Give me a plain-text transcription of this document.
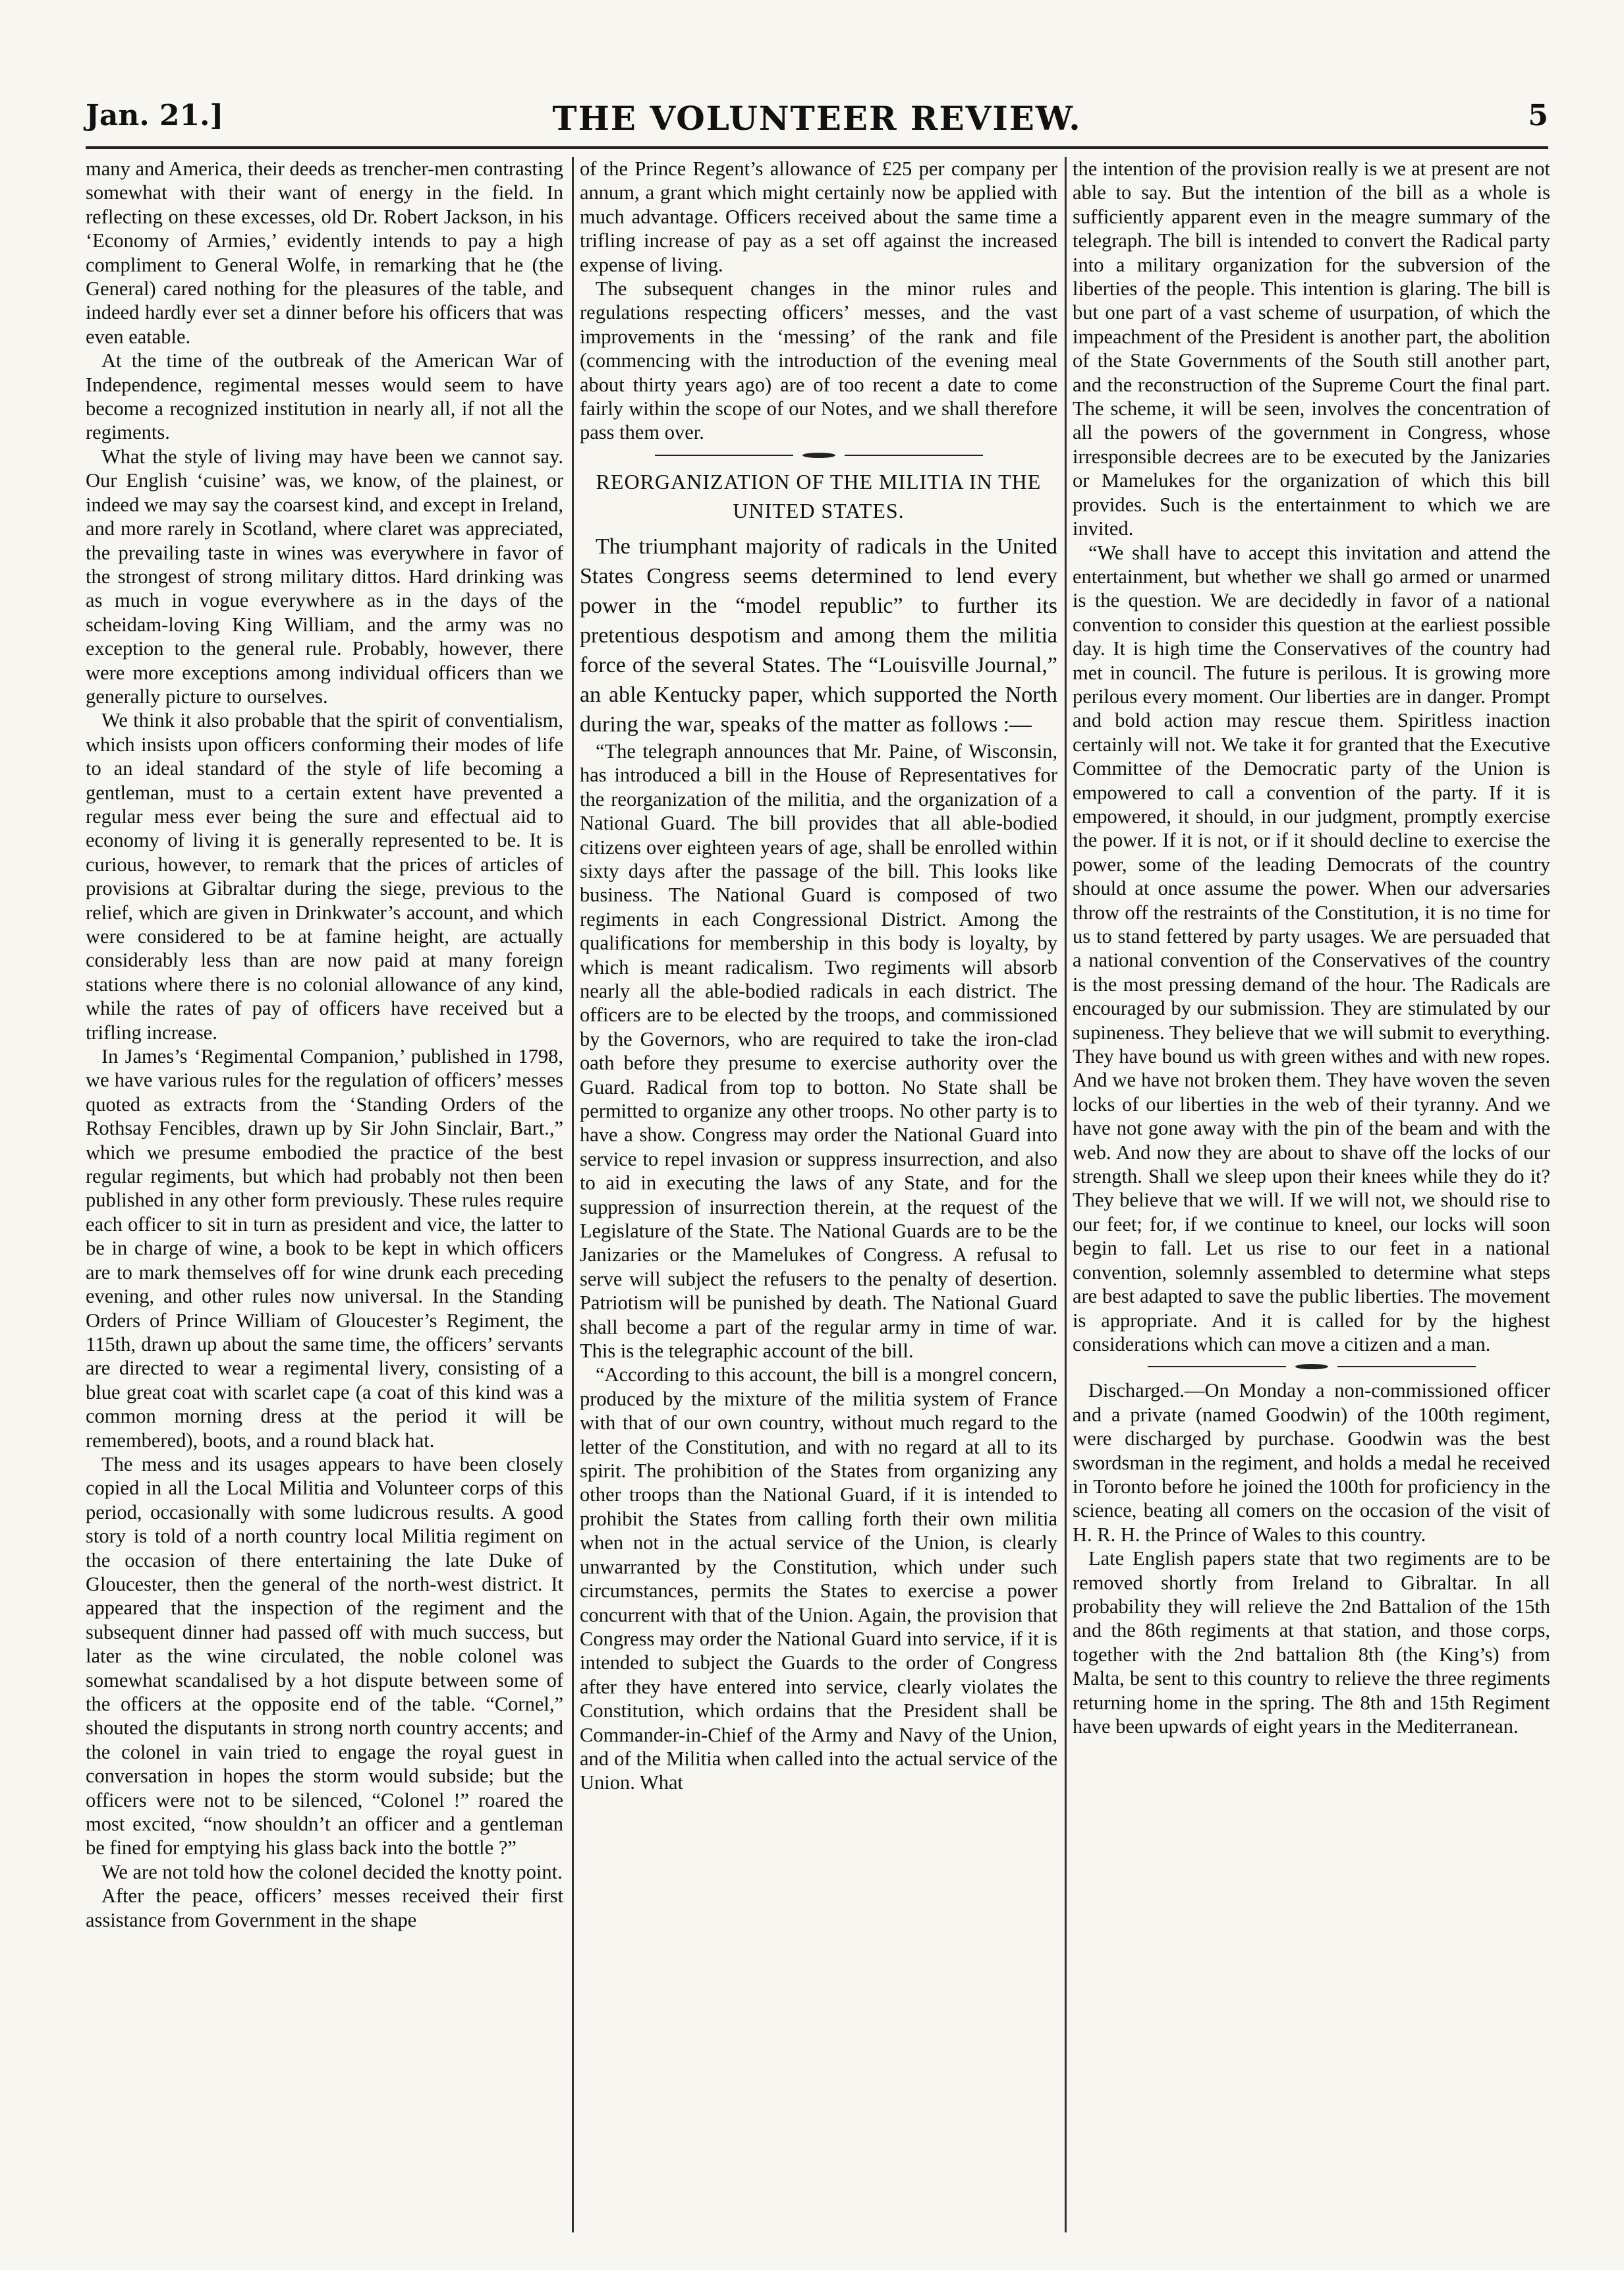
Jan. 21.]	THE VOLUNTEER REVIEW.	5

many and America, their deeds as trencher-men contrasting somewhat with their want of energy in the field. In reflecting on these excesses, old Dr. Robert Jackson, in his ‘Economy of Armies,’ evidently intends to pay a high compliment to General Wolfe, in remarking that he (the General) cared nothing for the pleasures of the table, and indeed hardly ever set a dinner before his officers that was even eatable.

At the time of the outbreak of the American War of Independence, regimental messes would seem to have become a recognized institution in nearly all, if not all the regiments.

What the style of living may have been we cannot say. Our English ‘cuisine’ was, we know, of the plainest, or indeed we may say the coarsest kind, and except in Ireland, and more rarely in Scotland, where claret was appreciated, the prevailing taste in wines was everywhere in favor of the strongest of strong military dittos. Hard drinking was as much in vogue everywhere as in the days of the scheidam-loving King William, and the army was no exception to the general rule. Probably, however, there were more exceptions among individual officers than we generally picture to ourselves.

We think it also probable that the spirit of conventialism, which insists upon officers conforming their modes of life to an ideal standard of the style of life becoming a gentleman, must to a certain extent have prevented a regular mess ever being the sure and effectual aid to economy of living it is generally represented to be. It is curious, however, to remark that the prices of articles of provisions at Gibraltar during the siege, previous to the relief, which are given in Drinkwater’s account, and which were considered to be at famine height, are actually considerably less than are now paid at many foreign stations where there is no colonial allowance of any kind, while the rates of pay of officers have received but a trifling increase.

In James’s ‘Regimental Companion,’ published in 1798, we have various rules for the regulation of officers’ messes quoted as extracts from the ‘Standing Orders of the Rothsay Fencibles, drawn up by Sir John Sinclair, Bart.,” which we presume embodied the practice of the best regular regiments, but which had probably not then been published in any other form previously. These rules require each officer to sit in turn as president and vice, the latter to be in charge of wine, a book to be kept in which officers are to mark themselves off for wine drunk each preceding evening, and other rules now universal. In the Standing Orders of Prince William of Gloucester’s Regiment, the 115th, drawn up about the same time, the officers’ servants are directed to wear a regimental livery, consisting of a blue great coat with scarlet cape (a coat of this kind was a common morning dress at the period it will be remembered), boots, and a round black hat.

The mess and its usages appears to have been closely copied in all the Local Militia and Volunteer corps of this period, occasionally with some ludicrous results. A good story is told of a north country local Militia regiment on the occasion of there entertaining the late Duke of Gloucester, then the general of the north-west district. It appeared that the inspection of the regiment and the subsequent dinner had passed off with much success, but later as the wine circulated, the noble colonel was somewhat scandalised by a hot dispute between some of the officers at the opposite end of the table. “Cornel,” shouted the disputants in strong north country accents; and the colonel in vain tried to engage the royal guest in conversation in hopes the storm would subside; but the officers were not to be silenced, “Colonel !” roared the most excited, “now shouldn’t an officer and a gentleman be fined for emptying his glass back into the bottle ?”

We are not told how the colonel decided the knotty point.

After the peace, officers’ messes received their first assistance from Government in the shape

of the Prince Regent’s allowance of £25 per company per annum, a grant which might certainly now be applied with much advantage. Officers received about the same time a trifling increase of pay as a set off against the increased expense of living.

The subsequent changes in the minor rules and regulations respecting officers’ messes, and the vast improvements in the ‘messing’ of the rank and file (commencing with the introduction of the evening meal about thirty years ago) are of too recent a date to come fairly within the scope of our Notes, and we shall therefore pass them over.

REORGANIZATION OF THE MILITIA IN THE UNITED STATES.

The triumphant majority of radicals in the United States Congress seems determined to lend every power in the “model republic” to further its pretentious despotism and among them the militia force of the several States. The “Louisville Journal,” an able Kentucky paper, which supported the North during the war, speaks of the matter as follows :—

“The telegraph announces that Mr. Paine, of Wisconsin, has introduced a bill in the House of Representatives for the reorganization of the militia, and the organization of a National Guard. The bill provides that all able-bodied citizens over eighteen years of age, shall be enrolled within sixty days after the passage of the bill. This looks like business. The National Guard is composed of two regiments in each Congressional District. Among the qualifications for membership in this body is loyalty, by which is meant radicalism. Two regiments will absorb nearly all the able-bodied radicals in each district. The officers are to be elected by the troops, and commissioned by the Governors, who are required to take the iron-clad oath before they presume to exercise authority over the Guard. Radical from top to botton. No State shall be permitted to organize any other troops. No other party is to have a show. Congress may order the National Guard into service to repel invasion or suppress insurrection, and also to aid in executing the laws of any State, and for the suppression of insurrection therein, at the request of the Legislature of the State. The National Guards are to be the Janizaries or the Mamelukes of Congress. A refusal to serve will subject the refusers to the penalty of desertion. Patriotism will be punished by death. The National Guard shall become a part of the regular army in time of war. This is the telegraphic account of the bill.

“According to this account, the bill is a mongrel concern, produced by the mixture of the militia system of France with that of our own country, without much regard to the letter of the Constitution, and with no regard at all to its spirit. The prohibition of the States from organizing any other troops than the National Guard, if it is intended to prohibit the States from calling forth their own militia when not in the actual service of the Union, is clearly unwarranted by the Constitution, which under such circumstances, permits the States to exercise a power concurrent with that of the Union. Again, the provision that Congress may order the National Guard into service, if it is intended to subject the Guards to the order of Congress after they have entered into service, clearly violates the Constitution, which ordains that the President shall be Commander-in-Chief of the Army and Navy of the Union, and of the Militia when called into the actual service of the Union. What

the intention of the provision really is we at present are not able to say. But the intention of the bill as a whole is sufficiently apparent even in the meagre summary of the telegraph. The bill is intended to convert the Radical party into a military organization for the subversion of the liberties of the people. This intention is glaring. The bill is but one part of a vast scheme of usurpation, of which the impeachment of the President is another part, the abolition of the State Governments of the South still another part, and the reconstruction of the Supreme Court the final part. The scheme, it will be seen, involves the concentration of all the powers of the government in Congress, whose irresponsible decrees are to be executed by the Janizaries or Mamelukes for the organization of which this bill provides. Such is the entertainment to which we are invited.

“We shall have to accept this invitation and attend the entertainment, but whether we shall go armed or unarmed is the question. We are decidedly in favor of a national convention to consider this question at the earliest possible day. It is high time the Conservatives of the country had met in council. The future is perilous. It is growing more perilous every moment. Our liberties are in danger. Prompt and bold action may rescue them. Spiritless inaction certainly will not. We take it for granted that the Executive Committee of the Democratic party of the Union is empowered to call a convention of the party. If it is empowered, it should, in our judgment, promptly exercise the power. If it is not, or if it should decline to exercise the power, some of the leading Democrats of the country should at once assume the power. When our adversaries throw off the restraints of the Constitution, it is no time for us to stand fettered by party usages. We are persuaded that a national convention of the Conservatives of the country is the most pressing demand of the hour. The Radicals are encouraged by our submission. They are stimulated by our supineness. They believe that we will submit to everything. They have bound us with green withes and with new ropes. And we have not broken them. They have woven the seven locks of our liberties in the web of their tyranny. And we have not gone away with the pin of the beam and with the web. And now they are about to shave off the locks of our strength. Shall we sleep upon their knees while they do it? They believe that we will. If we will not, we should rise to our feet; for, if we continue to kneel, our locks will soon begin to fall. Let us rise to our feet in a national convention, solemnly assembled to determine what steps are best adapted to save the public liberties. The movement is appropriate. And it is called for by the highest considerations which can move a citizen and a man.

Discharged.—On Monday a non-commissioned officer and a private (named Goodwin) of the 100th regiment, were discharged by purchase. Goodwin was the best swordsman in the regiment, and holds a medal he received in Toronto before he joined the 100th for proficiency in the science, beating all comers on the occasion of the visit of H. R. H. the Prince of Wales to this country.

Late English papers state that two regiments are to be removed shortly from Ireland to Gibraltar. In all probability they will relieve the 2nd Battalion of the 15th and the 86th regiments at that station, and those corps, together with the 2nd battalion 8th (the King’s) from Malta, be sent to this country to relieve the three regiments returning home in the spring. The 8th and 15th Regiment have been upwards of eight years in the Mediterranean.
